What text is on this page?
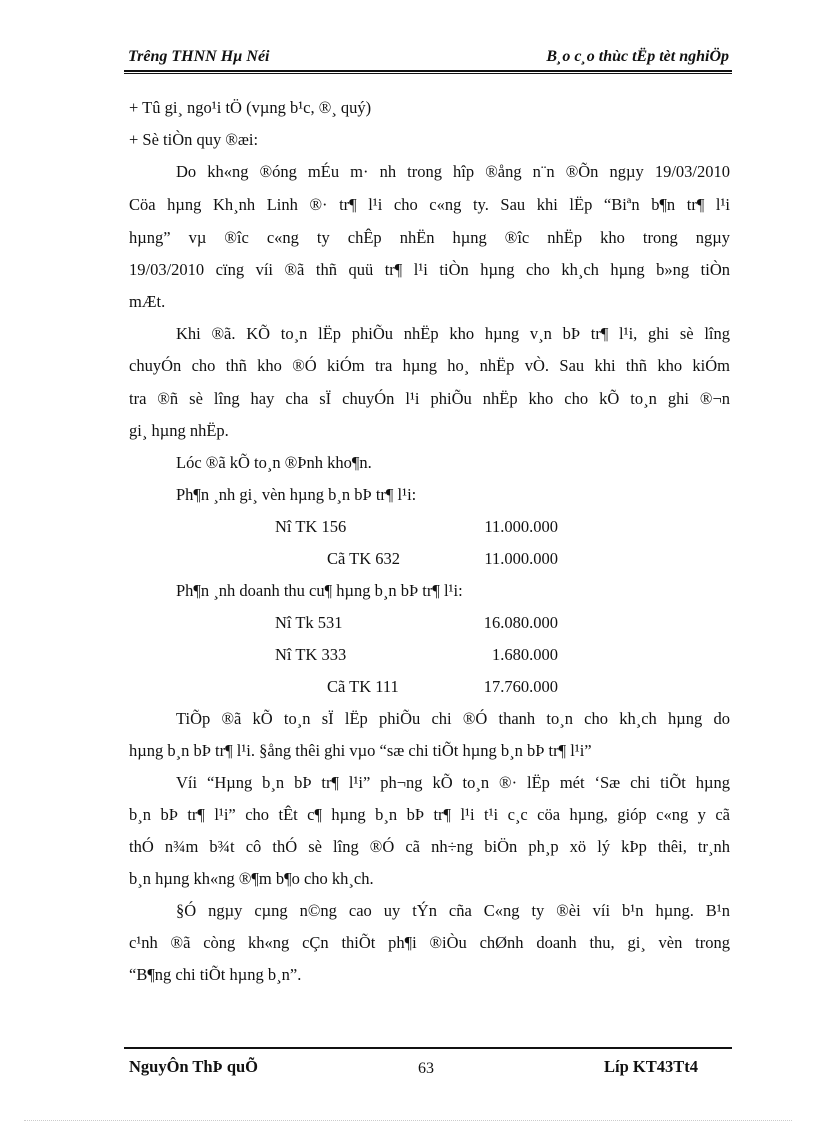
Trêng THNN Hµ Néi	B¸o c¸o thùc tËp tèt nghiÖp
+ Tû gi¸ ngo¹i tÖ (vµng b¹c, ®¸ quý)
+ Sè tiÒn quy ®æi:
Do kh«ng ®óng mÉu m· nh trong hîp ®ång n¨n ®Õn ngµy 19/03/2010
Cöa hµng Kh¸nh Linh ®· tr¶ l¹i cho c«ng ty. Sau khi lËp “Biªn b¶n tr¶ l¹i
hµng” vµ ®îc c«ng ty chÊp nhËn hµng ®îc nhËp kho trong ngµy
19/03/2010 cïng víi ®ã thñ quü tr¶ l¹i tiÒn hµng cho kh¸ch hµng b»ng tiÒn
mÆt.
Khi ®ã. KÕ to¸n lËp phiÕu nhËp kho hµng v¸n bÞ tr¶ l¹i, ghi sè lîng
chuyÓn cho thñ kho ®Ó kiÓm tra hµng ho¸ nhËp vÒ. Sau khi thñ kho kiÓm
tra ®ñ sè lîng hay cha sÏ chuyÓn l¹i phiÕu nhËp kho cho kÕ to¸n ghi ®¬n
gi¸ hµng nhËp.
Lóc ®ã kÕ to¸n ®Þnh kho¶n.
Ph¶n ¸nh gi¸ vèn hµng b¸n bÞ tr¶ l¹i:
Nî TK 156	11.000.000
Cã TK 632	11.000.000
Ph¶n ¸nh doanh thu cu¶ hµng b¸n bÞ tr¶ l¹i:
Nî Tk 531	16.080.000
Nî TK 333	1.680.000
Cã TK 111	17.760.000
TiÕp ®ã kÕ to¸n sÏ lËp phiÕu chi ®Ó thanh to¸n cho kh¸ch hµng do
hµng b¸n bÞ tr¶ l¹i. §ång thêi ghi vµo “sæ chi tiÕt hµng b¸n bÞ tr¶ l¹i”
Víi “Hµng b¸n bÞ tr¶ l¹i” ph¬ng kÕ to¸n ®· lËp mét ‘Sæ chi tiÕt hµng
b¸n bÞ tr¶ l¹i” cho tÊt c¶ hµng b¸n bÞ tr¶ l¹i t¹i c¸c cöa hµng, gióp c«ng y cã
thÓ n¾m b¾t cô thÓ sè lîng ®Ó cã nh÷ng biÖn ph¸p xö lý kÞp thêi, tr¸nh
b¸n hµng kh«ng ®¶m b¶o cho kh¸ch.
§Ó ngµy cµng n©ng cao uy tÝn cña C«ng ty ®èi víi b¹n hµng. B¹n
c¹nh ®ã còng kh«ng cÇn thiÕt ph¶i ®iÒu chØnh doanh thu, gi¸ vèn trong
“B¶ng chi tiÕt hµng b¸n”.
NguyÔn ThÞ quÕ	63	Líp KT43Tt4
